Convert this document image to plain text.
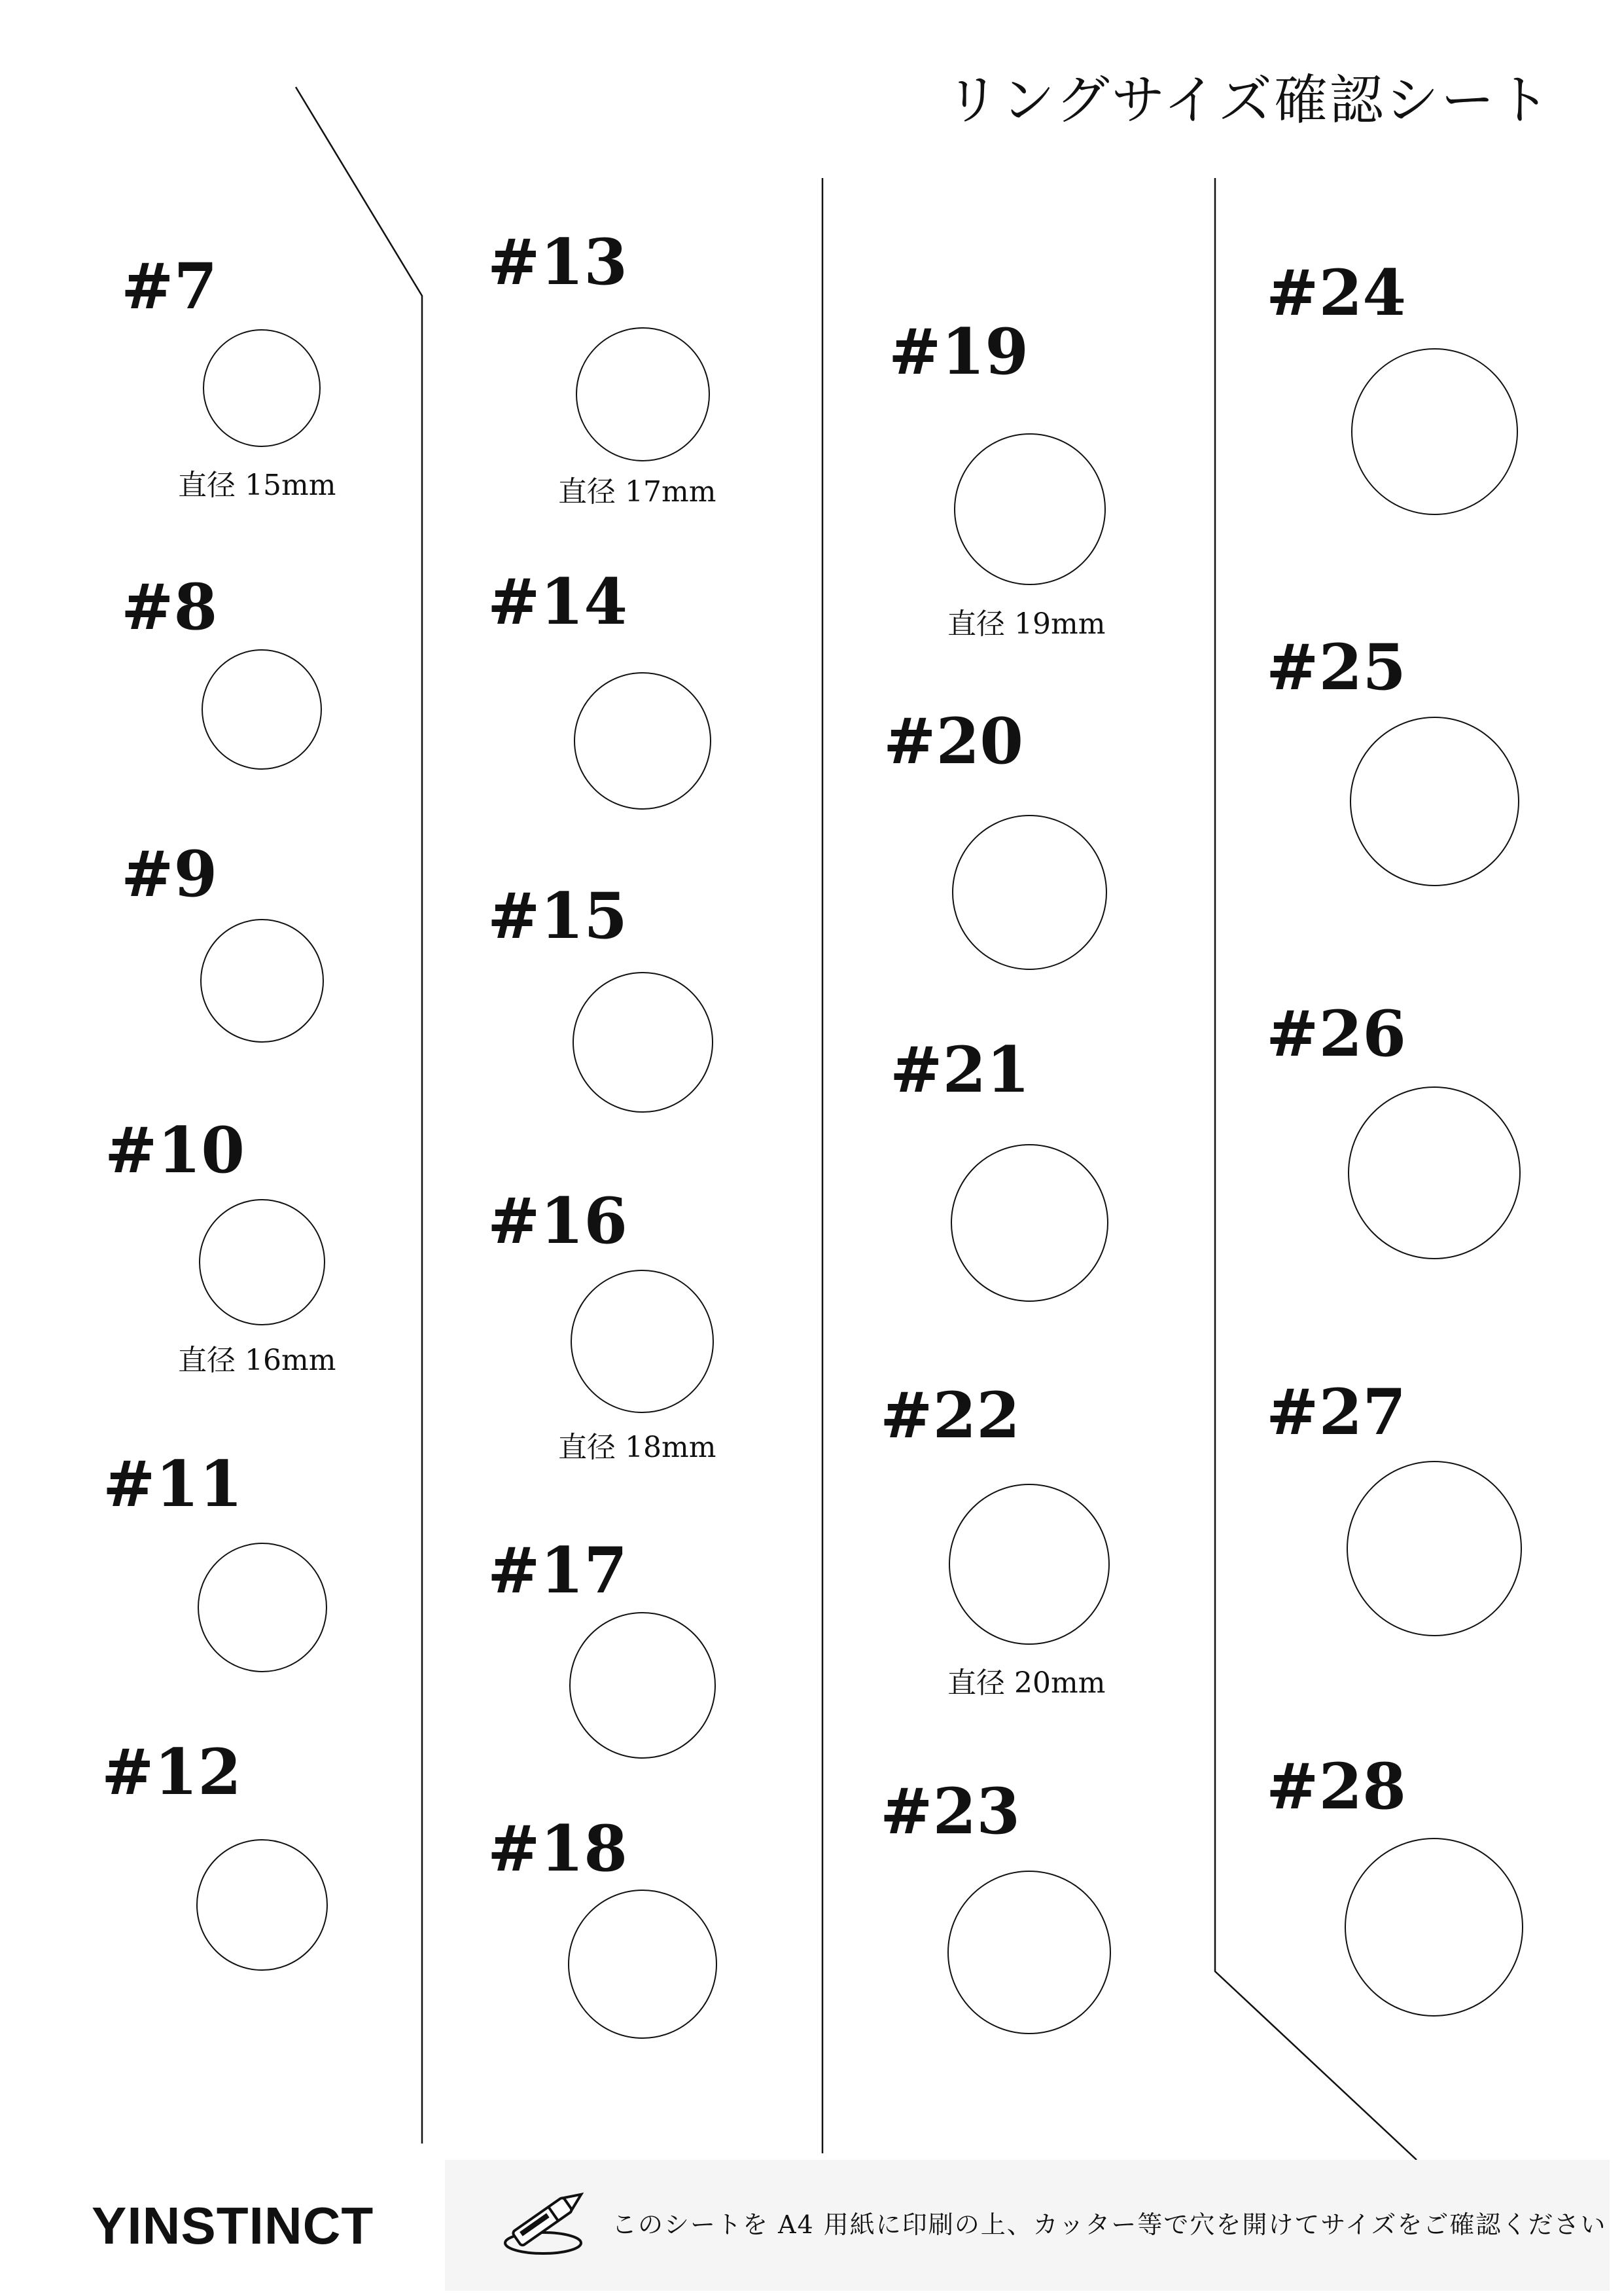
リングサイズ確認シート
#7
直径 15mm
#8
#9
#10
直径 16mm
#11
#12
#13
直径 17mm
#14
#15
#16
直径 18mm
#17
#18
#19
直径 19mm
#20
#21
#22
直径 20mm
#23
#24
#25
#26
#27
#28
YINSTINCT	このシートを A4 用紙に印刷の上、カッター等で穴を開けてサイズをご確認ください
